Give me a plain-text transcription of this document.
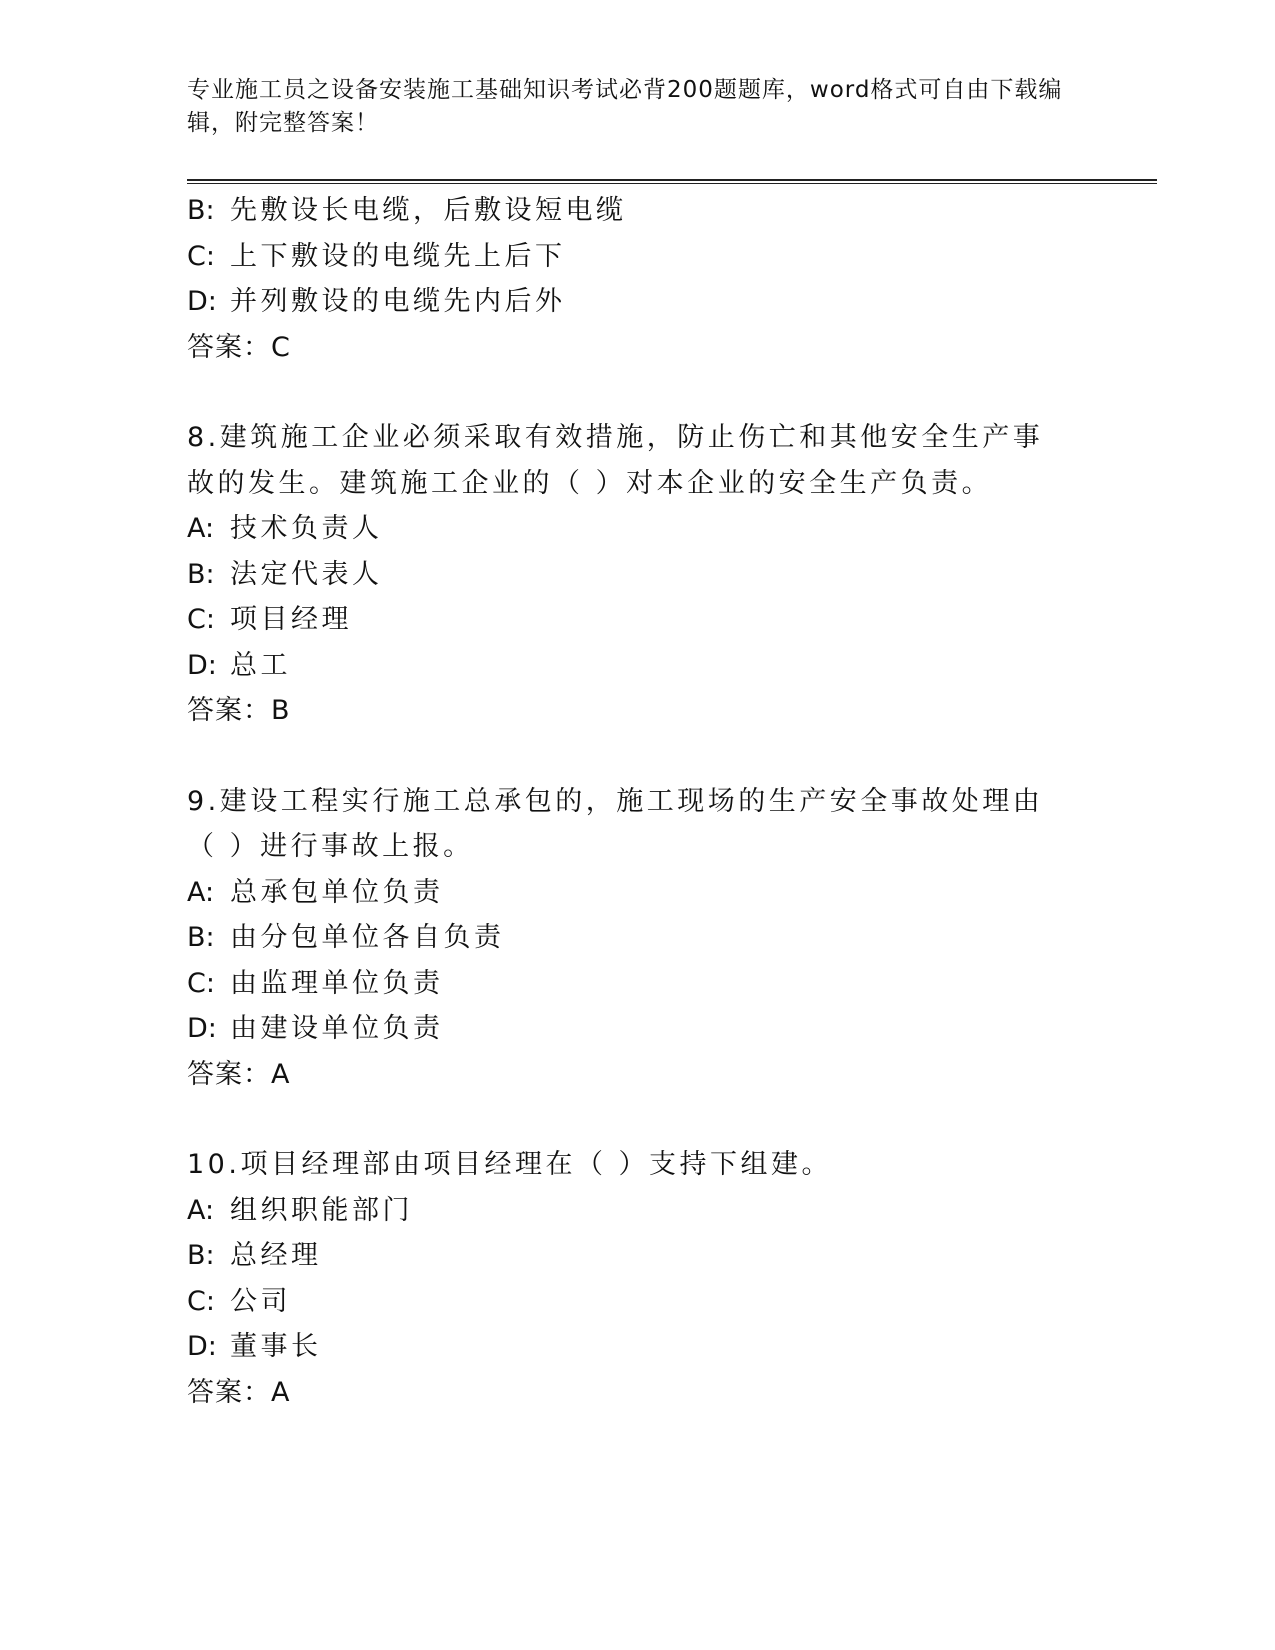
专业施工员之设备安装施工基础知识考试必背200题题库，word格式可自由下载编辑，附完整答案！
B: 先敷设长电缆，后敷设短电缆
C: 上下敷设的电缆先上后下
D: 并列敷设的电缆先内后外
答案：C
8.建筑施工企业必须采取有效措施，防止伤亡和其他安全生产事故的发生。建筑施工企业的（ ）对本企业的安全生产负责。
A: 技术负责人
B: 法定代表人
C: 项目经理
D: 总工
答案：B
9.建设工程实行施工总承包的，施工现场的生产安全事故处理由（ ）进行事故上报。
A: 总承包单位负责
B: 由分包单位各自负责
C: 由监理单位负责
D: 由建设单位负责
答案：A
10.项目经理部由项目经理在（ ）支持下组建。
A: 组织职能部门
B: 总经理
C: 公司
D: 董事长
答案：A
